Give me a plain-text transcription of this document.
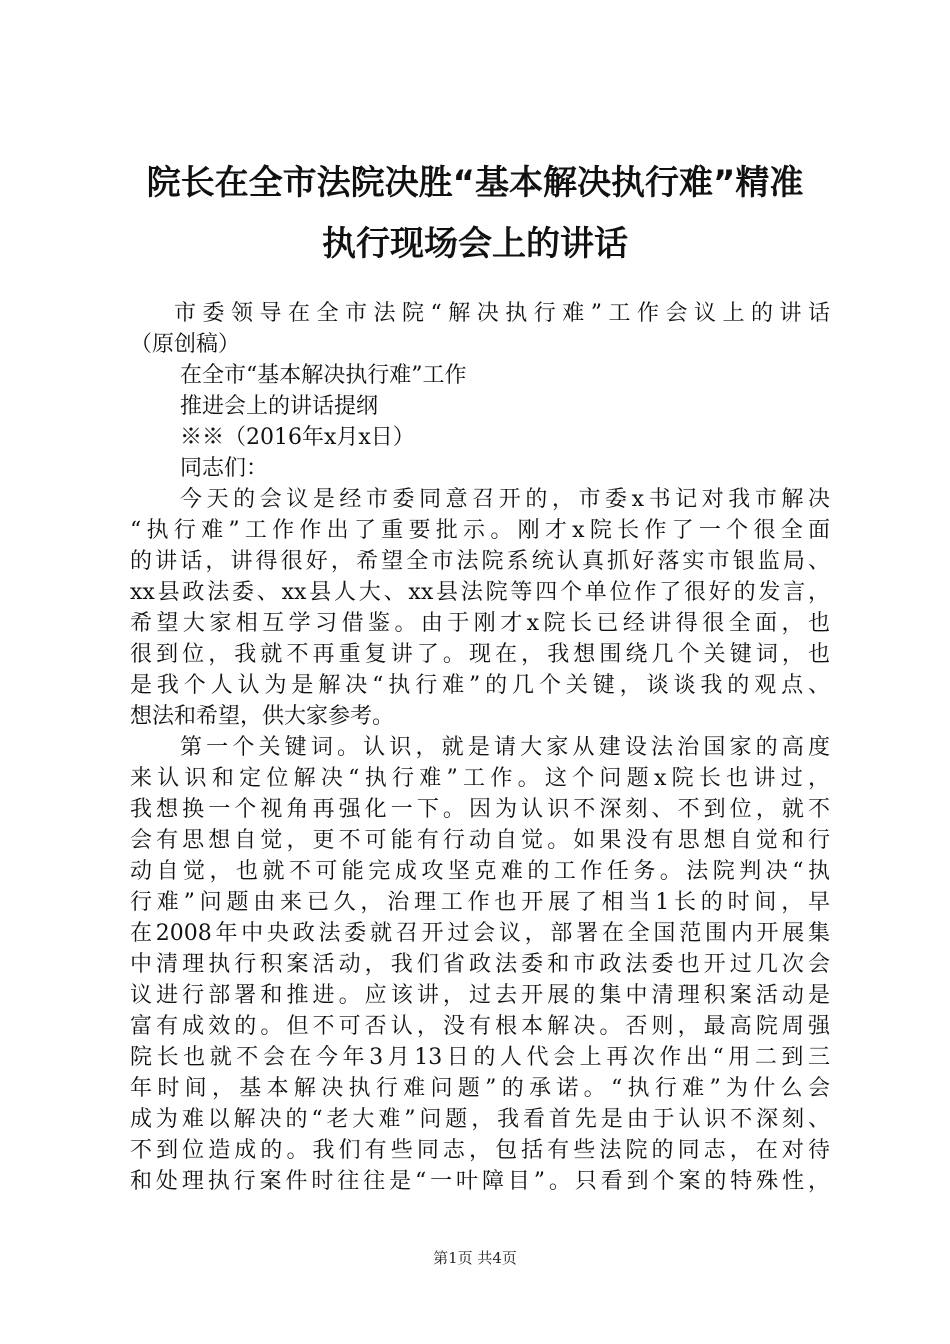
院长在全市法院决胜“基本解决执行难”精准
执行现场会上的讲话
市委领导在全市法院“解决执行难”工作会议上的讲话
（原创稿）
在全市“基本解决执行难”工作
推进会上的讲话提纲
※※（2016年x月x日）
同志们：
今天的会议是经市委同意召开的，市委x书记对我市解决
“执行难”工作作出了重要批示。刚才x院长作了一个很全面
的讲话，讲得很好，希望全市法院系统认真抓好落实市银监局、
xx县政法委、xx县人大、xx县法院等四个单位作了很好的发言，
希望大家相互学习借鉴。由于刚才x院长已经讲得很全面，也
很到位，我就不再重复讲了。现在，我想围绕几个关键词，也
是我个人认为是解决“执行难”的几个关键，谈谈我的观点、
想法和希望，供大家参考。
第一个关键词。认识，就是请大家从建设法治国家的高度
来认识和定位解决“执行难”工作。这个问题x院长也讲过，
我想换一个视角再强化一下。因为认识不深刻、不到位，就不
会有思想自觉，更不可能有行动自觉。如果没有思想自觉和行
动自觉，也就不可能完成攻坚克难的工作任务。法院判决“执
行难”问题由来已久，治理工作也开展了相当1长的时间，早
在2008年中央政法委就召开过会议，部署在全国范围内开展集
中清理执行积案活动，我们省政法委和市政法委也开过几次会
议进行部署和推进。应该讲，过去开展的集中清理积案活动是
富有成效的。但不可否认，没有根本解决。否则，最高院周强
院长也就不会在今年3月13日的人代会上再次作出“用二到三
年时间，基本解决执行难问题”的承诺。“执行难”为什么会
成为难以解决的“老大难”问题，我看首先是由于认识不深刻、
不到位造成的。我们有些同志，包括有些法院的同志，在对待
和处理执行案件时往往是“一叶障目”。只看到个案的特殊性，
第1页 共4页
